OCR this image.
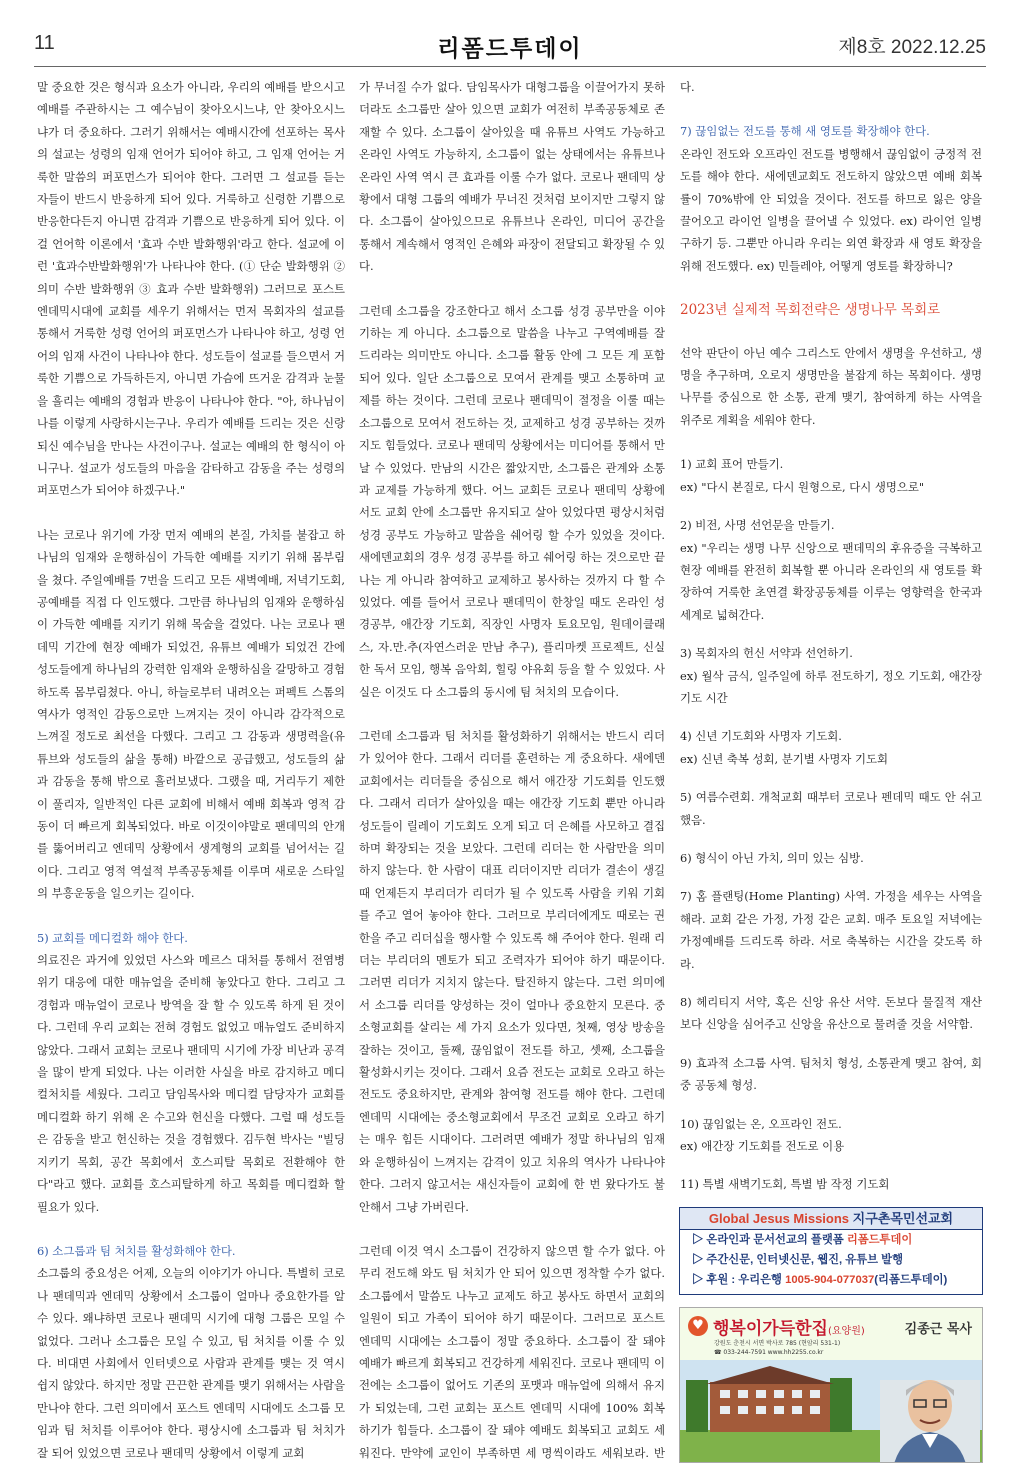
11	리폼드투데이	제8호 2022.12.25

말 중요한 것은 형식과 요소가 아니라, 우리의 예배를 받으시고 예배를 주관하시는 그 예수님이 찾아오시느냐, 안 찾아오시느냐가 더 중요하다. 그러기 위해서는 예배시간에 선포하는 목사의 설교는 성령의 임재 언어가 되어야 하고, 그 임재 언어는 거룩한 말씀의 퍼포먼스가 되어야 한다. 그러면 그 설교를 듣는 자들이 반드시 반응하게 되어 있다. 거룩하고 신령한 기쁨으로 반응한다든지 아니면 감격과 기쁨으로 반응하게 되어 있다. 이걸 언어학 이론에서 '효과 수반 발화행위'라고 한다. 설교에 이런 '효과수반발화행위'가 나타나야 한다. (① 단순 발화행위 ② 의미 수반 발화행위 ③ 효과 수반 발화행위) 그러므로 포스트 엔데믹시대에 교회를 세우기 위해서는 먼저 목회자의 설교를 통해서 거룩한 성령 언어의 퍼포먼스가 나타나야 하고, 성령 언어의 임재 사건이 나타나야 한다. 성도들이 설교를 들으면서 거룩한 기쁨으로 가득하든지, 아니면 가슴에 뜨거운 감격과 눈물을 흘리는 예배의 경험과 반응이 나타나야 한다. "아, 하나님이 나를 이렇게 사랑하시는구나. 우리가 예배를 드리는 것은 신랑되신 예수님을 만나는 사건이구나. 설교는 예배의 한 형식이 아니구나. 설교가 성도들의 마음을 감타하고 감동을 주는 성령의 퍼포먼스가 되어야 하겠구나."

나는 코로나 위기에 가장 먼저 예배의 본질, 가치를 붙잡고 하나님의 임재와 운행하심이 가득한 예배를 지키기 위해 몸부림을 쳤다. 주일예배를 7번을 드리고 모든 새벽예배, 저녁기도회, 공예배를 직접 다 인도했다. 그만큼 하나님의 임재와 운행하심이 가득한 예배를 지키기 위해 목숨을 걸었다. 나는 코로나 팬데믹 기간에 현장 예배가 되었건, 유튜브 예배가 되었건 간에 성도들에게 하나님의 강력한 임재와 운행하심을 갈망하고 경험하도록 몸부림쳤다. 아니, 하늘로부터 내려오는 퍼펙트 스톰의 역사가 영적인 감동으로만 느껴지는 것이 아니라 감각적으로 느껴질 정도로 최선을 다했다. 그리고 그 감동과 생명력을(유튜브와 성도들의 삶을 통해) 바깥으로 공급했고, 성도들의 삶과 감동을 통해 밖으로 흘러보냈다. 그랬을 때, 거리두기 제한이 풀리자, 일반적인 다른 교회에 비해서 예배 회복과 영적 감동이 더 빠르게 회복되었다. 바로 이것이야말로 팬데믹의 안개를 뚫어버리고 엔데믹 상황에서 생계형의 교회를 넘어서는 길이다. 그리고 영적 역설적 부족공동체를 이루며 새로운 스타일의 부흥운동을 일으키는 길이다.

5) 교회를 메디컬화 해야 한다.

의료진은 과거에 있었던 사스와 메르스 대처를 통해서 전염병 위기 대응에 대한 매뉴얼을 준비해 놓았다고 한다. 그리고 그 경험과 매뉴얼이 코로나 방역을 잘 할 수 있도록 하게 된 것이다. 그런데 우리 교회는 전혀 경험도 없었고 매뉴얼도 준비하지 않았다. 그래서 교회는 코로나 팬데믹 시기에 가장 비난과 공격을 많이 받게 되었다. 나는 이러한 사실을 바로 감지하고 메디컬처치를 세웠다. 그리고 담임목사와 메디컬 담당자가 교회를 메디컬화 하기 위해 온 수고와 헌신을 다했다. 그럴 때 성도들은 감동을 받고 헌신하는 것을 경험했다. 김두현 박사는 "빌딩 지키기 목회, 공간 목회에서 호스피탈 목회로 전환해야 한다"라고 했다. 교회를 호스피탈하게 하고 목회를 메디컬화 할 필요가 있다.

6) 소그룹과 팀 처치를 활성화해야 한다.

소그룹의 중요성은 어제, 오늘의 이야기가 아니다. 특별히 코로나 팬데믹과 엔데믹 상황에서 소그룹이 얼마나 중요한가를 알 수 있다. 왜냐하면 코로나 팬데믹 시기에 대형 그룹은 모일 수 없었다. 그러나 소그룹은 모일 수 있고, 팀 처치를 이룰 수 있다. 비대면 사회에서 인터넷으로 사람과 관계를 맺는 것 역시 쉽지 않았다. 하지만 정말 끈끈한 관계를 맺기 위해서는 사람을 만나야 한다. 그런 의미에서 포스트 엔데믹 시대에도 소그룹 모임과 팀 처치를 이루어야 한다. 평상시에 소그룹과 팀 처치가 잘 되어 있었으면 코로나 팬데믹 상황에서 이렇게 교회

가 무너질 수가 없다. 담임목사가 대형그룹을 이끌어가지 못하더라도 소그룹만 살아 있으면 교회가 여전히 부족공동체로 존재할 수 있다. 소그룹이 살아있을 때 유튜브 사역도 가능하고 온라인 사역도 가능하지, 소그룹이 없는 상태에서는 유튜브나 온라인 사역 역시 큰 효과를 이룰 수가 없다. 코로나 팬데믹 상황에서 대형 그룹의 예배가 무너진 것처럼 보이지만 그렇지 않다. 소그룹이 살아있으므로 유튜브나 온라인, 미디어 공간을 통해서 계속해서 영적인 은혜와 파장이 전달되고 확장될 수 있다.

그런데 소그룹을 강조한다고 해서 소그룹 성경 공부만을 이야기하는 게 아니다. 소그룹으로 말씀을 나누고 구역예배를 잘 드리라는 의미만도 아니다. 소그룹 활동 안에 그 모든 게 포함되어 있다. 일단 소그룹으로 모여서 관계를 맺고 소통하며 교제를 하는 것이다. 그런데 코로나 팬데믹이 절정을 이룰 때는 소그룹으로 모여서 전도하는 것, 교제하고 성경 공부하는 것까지도 힘들었다. 코로나 팬데믹 상황에서는 미디어를 통해서 만날 수 있었다. 만남의 시간은 짧았지만, 소그룹은 관계와 소통과 교제를 가능하게 했다. 어느 교회든 코로나 팬데믹 상황에서도 교회 안에 소그룹만 유지되고 살아 있었다면 평상시처럼 성경 공부도 가능하고 말씀을 쉐어링 할 수가 있었을 것이다. 새에덴교회의 경우 성경 공부를 하고 쉐어링 하는 것으로만 끝나는 게 아니라 참여하고 교제하고 봉사하는 것까지 다 할 수 있었다. 예를 들어서 코로나 팬데믹이 한창일 때도 온라인 성경공부, 애간장 기도회, 직장인 사명자 토요모임, 원데이클래스, 자.만.추(자연스러운 만남 추구), 플리마켓 프로젝트, 신실한 독서 모임, 행복 음악회, 힐링 야유회 등을 할 수 있었다. 사실은 이것도 다 소그룹의 동시에 팀 처치의 모습이다.

그런데 소그룹과 팀 처치를 활성화하기 위해서는 반드시 리더가 있어야 한다. 그래서 리더를 훈련하는 게 중요하다. 새에덴교회에서는 리더들을 중심으로 해서 애간장 기도회를 인도했다. 그래서 리더가 살아있을 때는 애간장 기도회 뿐만 아니라 성도들이 릴레이 기도회도 오게 되고 더 은혜를 사모하고 결집하며 확장되는 것을 보았다. 그런데 리더는 한 사람만을 의미하지 않는다. 한 사람이 대표 리더이지만 리더가 결손이 생길 때 언제든지 부리더가 리더가 될 수 있도록 사람을 키워 기회를 주고 열어 놓아야 한다. 그러므로 부리더에게도 때로는 권한을 주고 리더십을 행사할 수 있도록 해 주어야 한다. 원래 리더는 부리더의 멘토가 되고 조력자가 되어야 하기 때문이다. 그러면 리더가 지치지 않는다. 탈진하지 않는다. 그런 의미에서 소그룹 리더를 양성하는 것이 얼마나 중요한지 모른다. 중소형교회를 살리는 세 가지 요소가 있다면, 첫째, 영상 방송을 잘하는 것이고, 둘째, 끊임없이 전도를 하고, 셋째, 소그룹을 활성화시키는 것이다. 그래서 요즘 전도는 교회로 오라고 하는 전도도 중요하지만, 관계와 참여형 전도를 해야 한다. 그런데 엔데믹 시대에는 중소형교회에서 무조건 교회로 오라고 하기는 매우 힘든 시대이다. 그러려면 예배가 정말 하나님의 임재와 운행하심이 느껴지는 감격이 있고 치유의 역사가 나타나야 한다. 그러지 않고서는 새신자들이 교회에 한 번 왔다가도 불안해서 그냥 가버린다.

그런데 이것 역시 소그룹이 건강하지 않으면 할 수가 없다. 아무리 전도해 와도 팀 처치가 안 되어 있으면 정착할 수가 없다. 소그룹에서 말씀도 나누고 교제도 하고 봉사도 하면서 교회의 일원이 되고 가족이 되어야 하기 때문이다. 그러므로 포스트 엔데믹 시대에는 소그룹이 정말 중요하다. 소그룹이 잘 돼야 예배가 빠르게 회복되고 건강하게 세워진다. 코로나 팬데믹 이전에는 소그룹이 없어도 기존의 포맷과 매뉴얼에 의해서 유지가 되었는데, 그런 교회는 포스트 엔데믹 시대에 100% 회복하기가 힘들다. 소그룹이 잘 돼야 예배도 회복되고 교회도 세워진다. 만약에 교인이 부족하면 세 명씩이라도 세워보라. 반

다.

7) 끊임없는 전도를 통해 새 영토를 확장해야 한다.

온라인 전도와 오프라인 전도를 병행해서 끊임없이 긍정적 전도를 해야 한다. 새에덴교회도 전도하지 않았으면 예배 회복률이 70%밖에 안 되었을 것이다. 전도를 하므로 잃은 양을 끌어오고 라이언 일병을 끌어낼 수 있었다. ex) 라이언 일병 구하기 등. 그뿐만 아니라 우리는 외연 확장과 새 영토 확장을 위해 전도했다. ex) 민들레야, 어떻게 영토를 확장하니?

2023년 실제적 목회전략은 생명나무 목회로

선악 판단이 아닌 예수 그리스도 안에서 생명을 우선하고, 생명을 추구하며, 오로지 생명만을 불잡게 하는 목회이다. 생명 나무를 중심으로 한 소통, 관계 맺기, 참여하게 하는 사역을 위주로 계획을 세워야 한다.

1) 교회 표어 만들기.
ex) "다시 본질로, 다시 원형으로, 다시 생명으로"

2) 비전, 사명 선언문을 만들기.
ex) "우리는 생명 나무 신앙으로 팬데믹의 후유증을 극복하고 현장 예배를 완전히 회복할 뿐 아니라 온라인의 새 영토를 확장하여 거룩한 초연결 확장공동체를 이루는 영향력을 한국과 세계로 넓혀간다.

3) 목회자의 헌신 서약과 선언하기.
ex) 월삭 금식, 일주일에 하루 전도하기, 정오 기도회, 애간장 기도 시간

4) 신년 기도회와 사명자 기도회.
ex) 신년 축복 성회, 분기별 사명자 기도회

5) 여름수련회. 개척교회 때부터 코로나 펜데믹 때도 안 쉬고 했음.

6) 형식이 아닌 가치, 의미 있는 심방.

7) 홈 플랜팅(Home Planting) 사역. 가정을 세우는 사역을 해라. 교회 같은 가정, 가정 같은 교회. 매주 토요일 저녁에는 가정예배를 드리도록 하라. 서로 축복하는 시간을 갖도록 하라.

8) 헤리티지 서약, 혹은 신앙 유산 서약. 돈보다 물질적 재산보다 신앙을 심어주고 신앙을 유산으로 물려줄 것을 서약함.

9) 효과적 소그룹 사역. 팀처치 형성, 소통관계 맺고 참여, 회중 공동체 형성.

10) 끊임없는 온, 오프라인 전도.
ex) 애간장 기도회를 전도로 이용

11) 특별 새벽기도회, 특별 밤 작정 기도회

Global Jesus Missions 지구촌목민선교회
▷ 온라인과 문서선교의 플랫폼 리폼드투데이
▷ 주간신문, 인터넷신문, 웹진, 유튜브 발행
▷ 후원 : 우리은행 1005-904-077037(리폼드투데이)
♥ 행복이가득한집(요양원)
강원도 춘천시 서면 박사로 785 (현암리 531-1)
☎ 033-244-7591 www.hh2255.co.kr
김종근 목사
